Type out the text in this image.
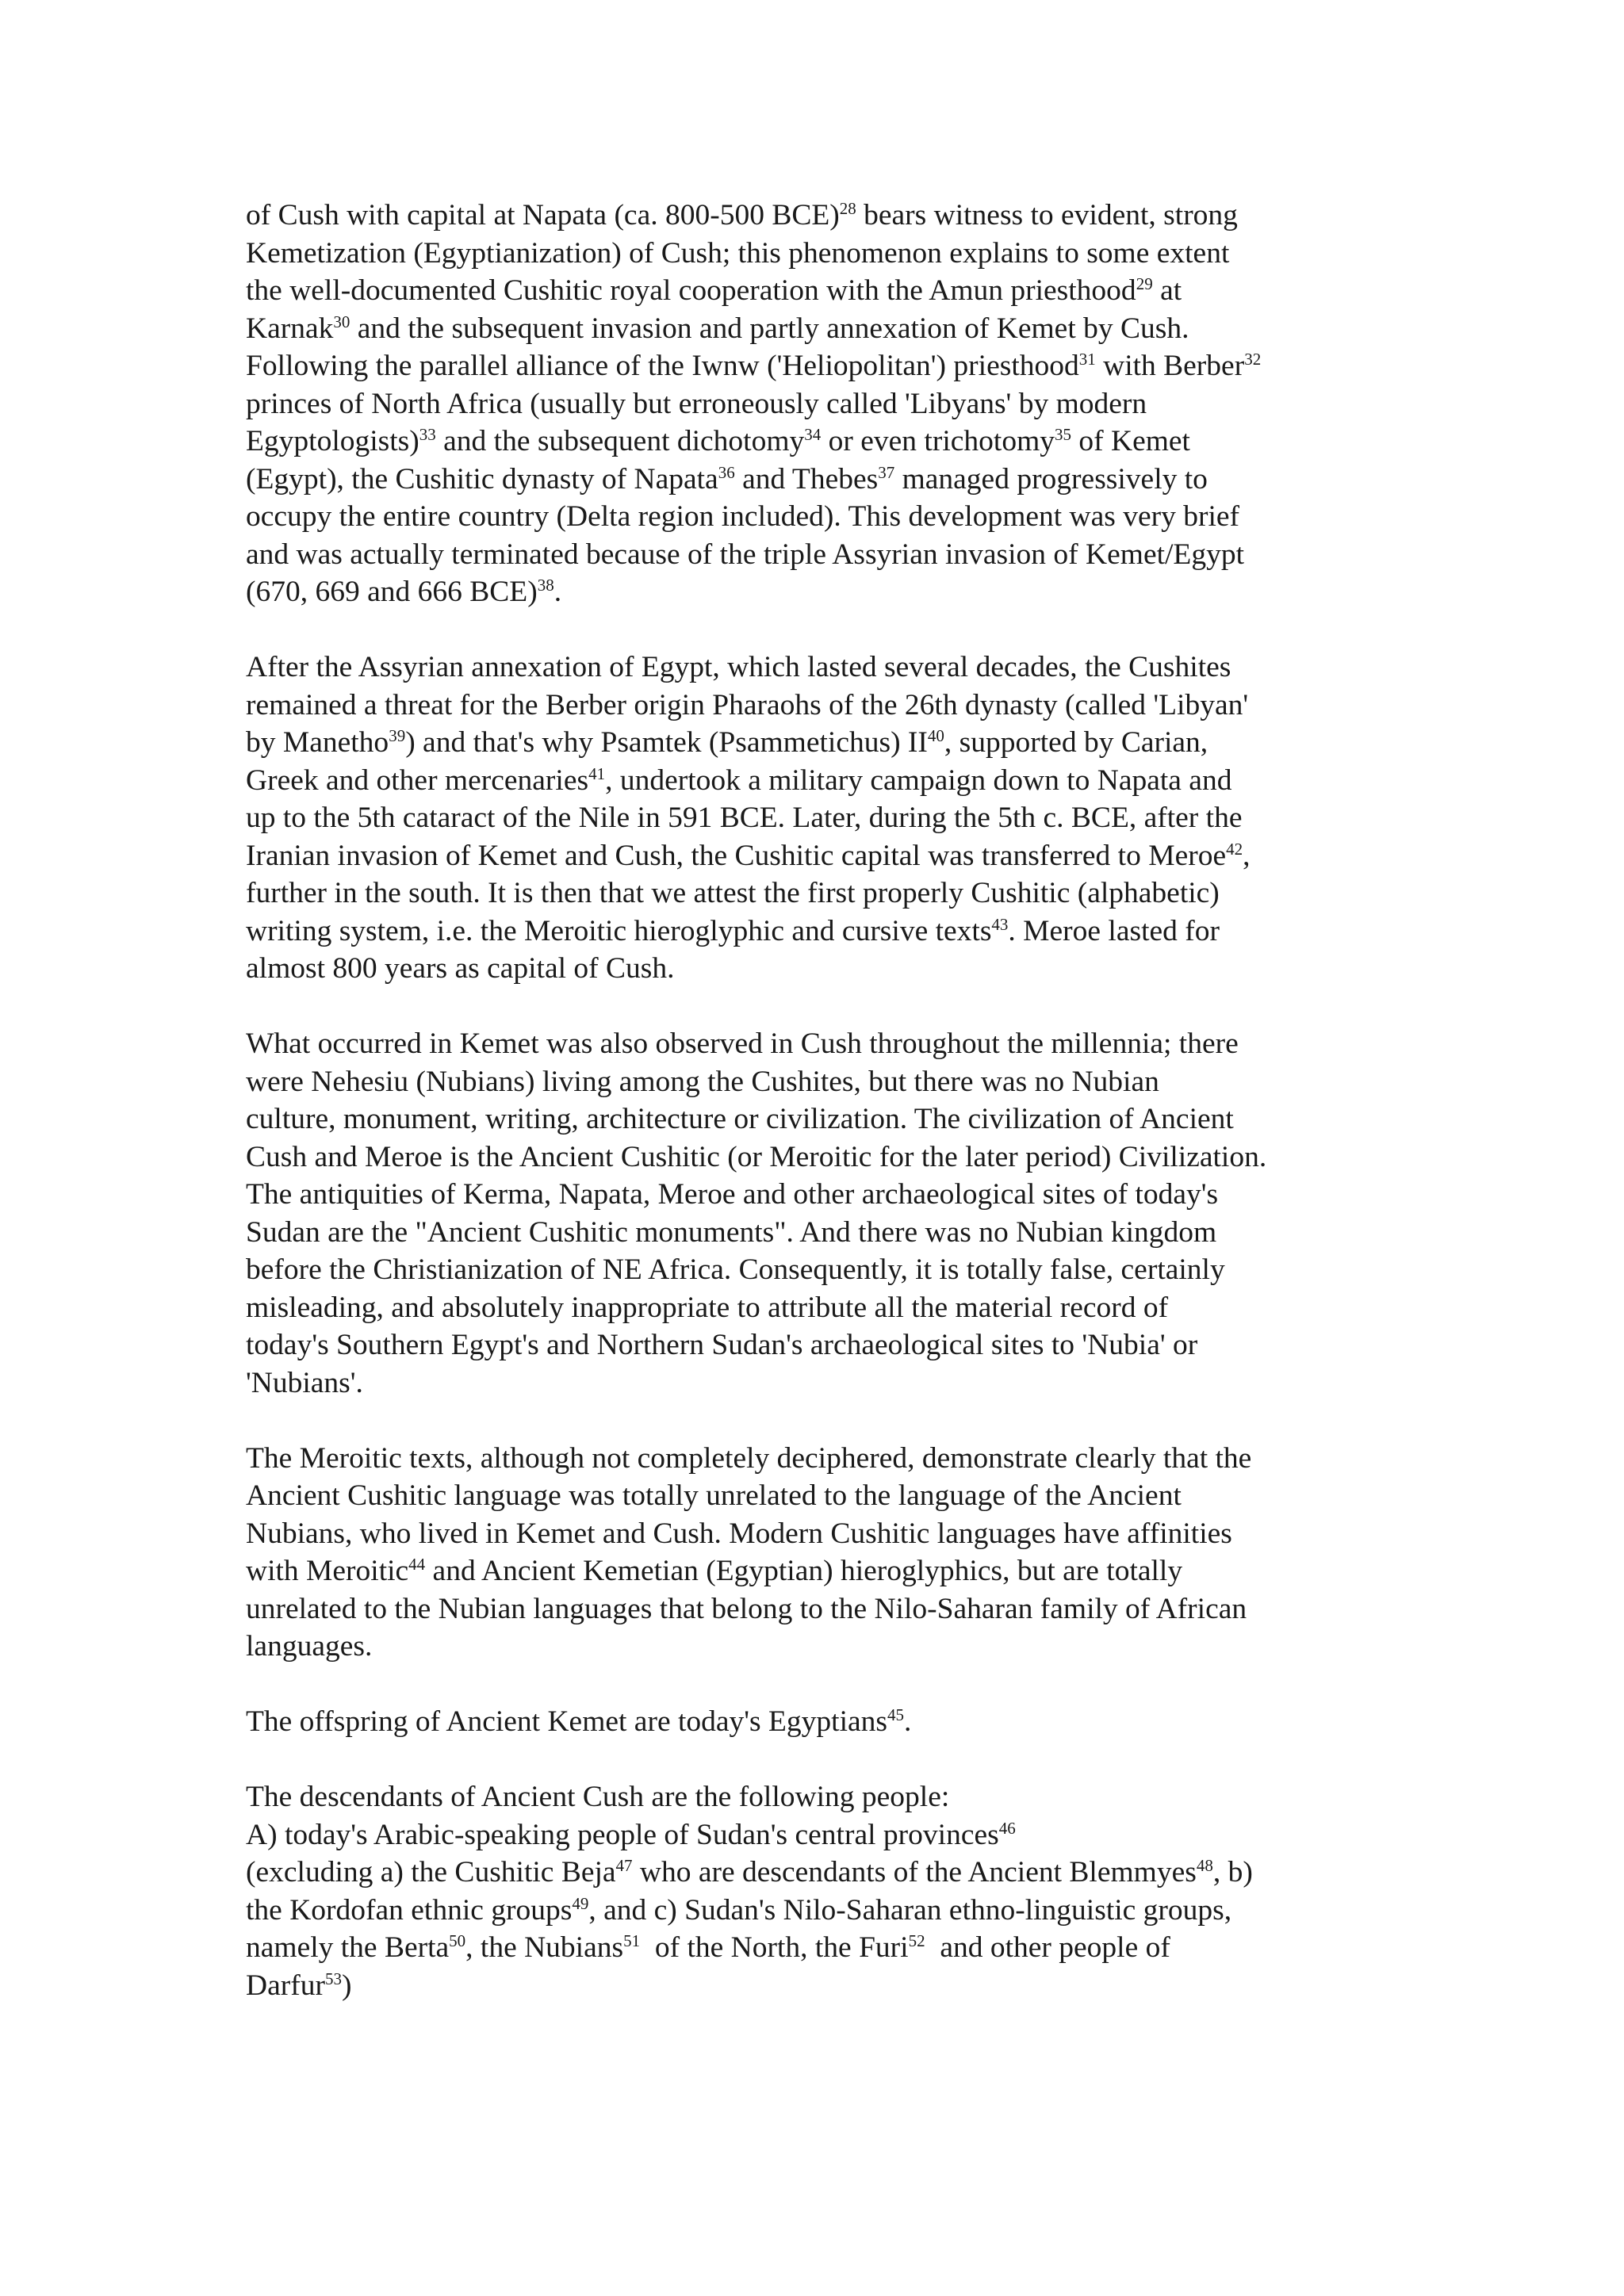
of Cush with capital at Napata (ca. 800-500 BCE)$^{28}$ bears witness to evident, strong
Kemetization (Egyptianization) of Cush; this phenomenon explains to some extent
the well-documented Cushitic royal cooperation with the Amun priesthood$^{29}$ at
Karnak$^{30}$ and the subsequent invasion and partly annexation of Kemet by Cush.
Following the parallel alliance of the Iwnw ('Heliopolitan') priesthood$^{31}$ with Berber$^{32}$
princes of North Africa (usually but erroneously called 'Libyans' by modern
Egyptologists)$^{33}$ and the subsequent dichotomy$^{34}$ or even trichotomy$^{35}$ of Kemet
(Egypt), the Cushitic dynasty of Napata$^{36}$ and Thebes$^{37}$ managed progressively to
occupy the entire country (Delta region included). This development was very brief
and was actually terminated because of the triple Assyrian invasion of Kemet/Egypt
(670, 669 and 666 BCE)$^{38}$.
After the Assyrian annexation of Egypt, which lasted several decades, the Cushites
remained a threat for the Berber origin Pharaohs of the 26th dynasty (called 'Libyan'
by Manetho$^{39}$) and that's why Psamtek (Psammetichus) II$^{40}$, supported by Carian,
Greek and other mercenaries$^{41}$, undertook a military campaign down to Napata and
up to the 5th cataract of the Nile in 591 BCE. Later, during the 5th c. BCE, after the
Iranian invasion of Kemet and Cush, the Cushitic capital was transferred to Meroe$^{42}$,
further in the south. It is then that we attest the first properly Cushitic (alphabetic)
writing system, i.e. the Meroitic hieroglyphic and cursive texts$^{43}$. Meroe lasted for
almost 800 years as capital of Cush.
What occurred in Kemet was also observed in Cush throughout the millennia; there
were Nehesiu (Nubians) living among the Cushites, but there was no Nubian
culture, monument, writing, architecture or civilization. The civilization of Ancient
Cush and Meroe is the Ancient Cushitic (or Meroitic for the later period) Civilization.
The antiquities of Kerma, Napata, Meroe and other archaeological sites of today's
Sudan are the "Ancient Cushitic monuments". And there was no Nubian kingdom
before the Christianization of NE Africa. Consequently, it is totally false, certainly
misleading, and absolutely inappropriate to attribute all the material record of
today's Southern Egypt's and Northern Sudan's archaeological sites to 'Nubia' or
'Nubians'.
The Meroitic texts, although not completely deciphered, demonstrate clearly that the
Ancient Cushitic language was totally unrelated to the language of the Ancient
Nubians, who lived in Kemet and Cush. Modern Cushitic languages have affinities
with Meroitic$^{44}$ and Ancient Kemetian (Egyptian) hieroglyphics, but are totally
unrelated to the Nubian languages that belong to the Nilo-Saharan family of African
languages.
The offspring of Ancient Kemet are today's Egyptians$^{45}$.
The descendants of Ancient Cush are the following people:
A) today's Arabic-speaking people of Sudan's central provinces$^{46}$
(excluding a) the Cushitic Beja$^{47}$ who are descendants of the Ancient Blemmyes$^{48}$, b)
the Kordofan ethnic groups$^{49}$, and c) Sudan's Nilo-Saharan ethno-linguistic groups,
namely the Berta$^{50}$, the Nubians$^{51}$  of the North, the Furi$^{52}$  and other people of
Darfur$^{53}$)
